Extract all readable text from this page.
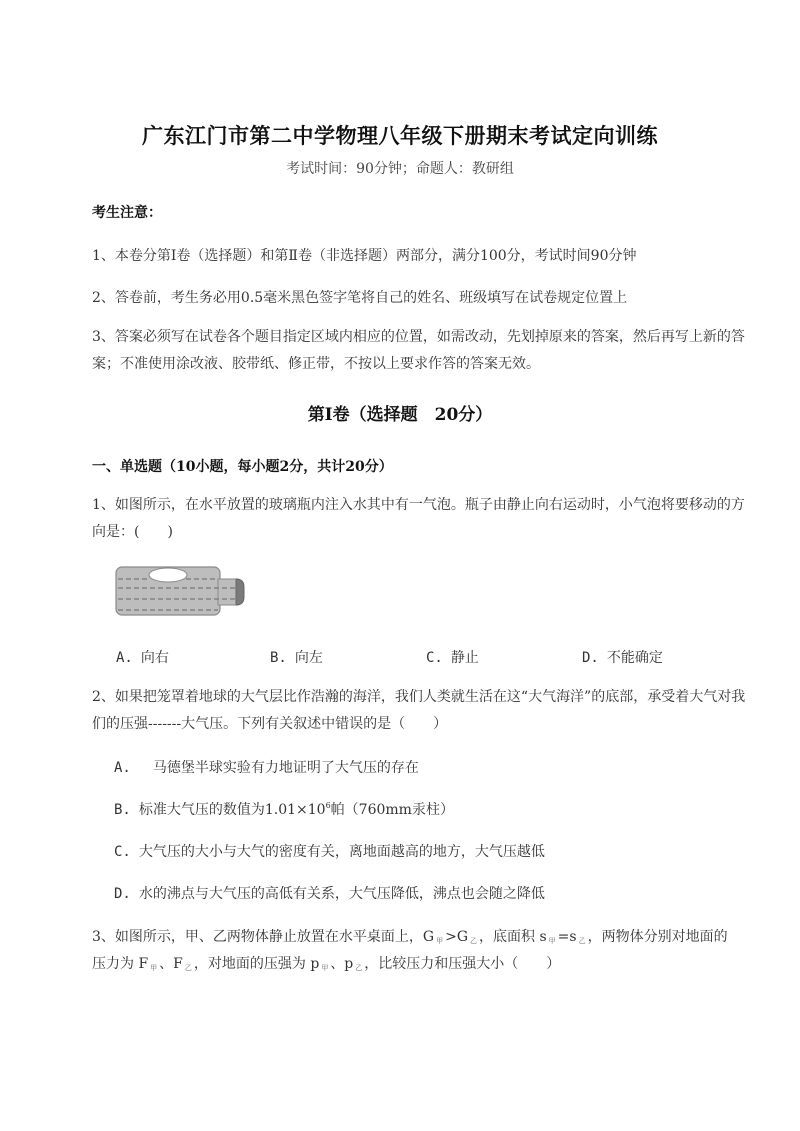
广东江门市第二中学物理八年级下册期末考试定向训练
考试时间：90分钟；命题人：教研组
考生注意：
1、本卷分第I卷（选择题）和第Ⅱ卷（非选择题）两部分，满分100分，考试时间90分钟
2、答卷前，考生务必用0.5毫米黑色签字笔将自己的姓名、班级填写在试卷规定位置上
3、答案必须写在试卷各个题目指定区域内相应的位置，如需改动，先划掉原来的答案，然后再写上新的答案；不准使用涂改液、胶带纸、修正带，不按以上要求作答的答案无效。
第I卷（选择题　20分）
一、单选题（10小题，每小题2分，共计20分）
1、如图所示，在水平放置的玻璃瓶内注入水其中有一气泡。瓶子由静止向右运动时，小气泡将要移动的方向是：(　　)
A. 向右	B. 向左	C. 静止	D. 不能确定
2、如果把笼罩着地球的大气层比作浩瀚的海洋，我们人类就生活在这“大气海洋”的底部，承受着大气对我们的压强-------大气压。下列有关叙述中错误的是（　　）
A.　马德堡半球实验有力地证明了大气压的存在
B. 标准大气压的数值为$1.01\times 10^6$帕（760mm汞柱）
C. 大气压的大小与大气的密度有关，离地面越高的地方，大气压越低
D. 水的沸点与大气压的高低有关系，大气压降低，沸点也会随之降低
3、如图所示，甲、乙两物体静止放置在水平桌面上，G $_甲$ >G $_乙$ ，底面积 s $_甲$ =s $_乙$ ，两物体分别对地面的
压力为 F $_甲$ 、F $_乙$ ，对地面的压强为 p $_甲$ 、p $_乙$ ，比较压力和压强大小（　　）
